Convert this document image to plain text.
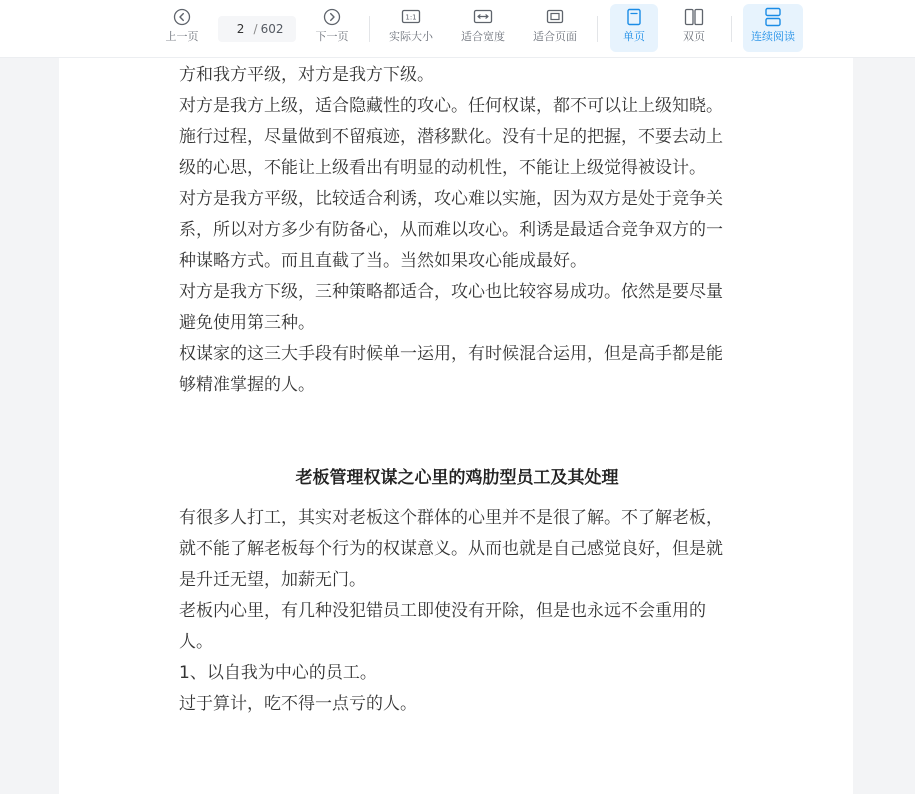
上一页
2
/ 602
下一页
1:1
实际大小	适合宽度	适合页面	单页	双页	连续阅读

方和我方平级，对方是我方下级。

对方是我方上级，适合隐藏性的攻心。任何权谋，都不可以让上级知晓。施行过程，尽量做到不留痕迹，潜移默化。没有十足的把握，不要去动上级的心思，不能让上级看出有明显的动机性，不能让上级觉得被设计。

对方是我方平级，比较适合利诱，攻心难以实施，因为双方是处于竞争关系，所以对方多少有防备心，从而难以攻心。利诱是最适合竞争双方的一种谋略方式。而且直截了当。当然如果攻心能成最好。

对方是我方下级，三种策略都适合，攻心也比较容易成功。依然是要尽量避免使用第三种。

权谋家的这三大手段有时候单一运用，有时候混合运用，但是高手都是能够精准掌握的人。

老板管理权谋之心里的鸡肋型员工及其处理

有很多人打工，其实对老板这个群体的心里并不是很了解。不了解老板，就不能了解老板每个行为的权谋意义。从而也就是自己感觉良好，但是就是升迁无望，加薪无门。

老板内心里，有几种没犯错员工即使没有开除，但是也永远不会重用的人。

1、以自我为中心的员工。

过于算计，吃不得一点亏的人。
